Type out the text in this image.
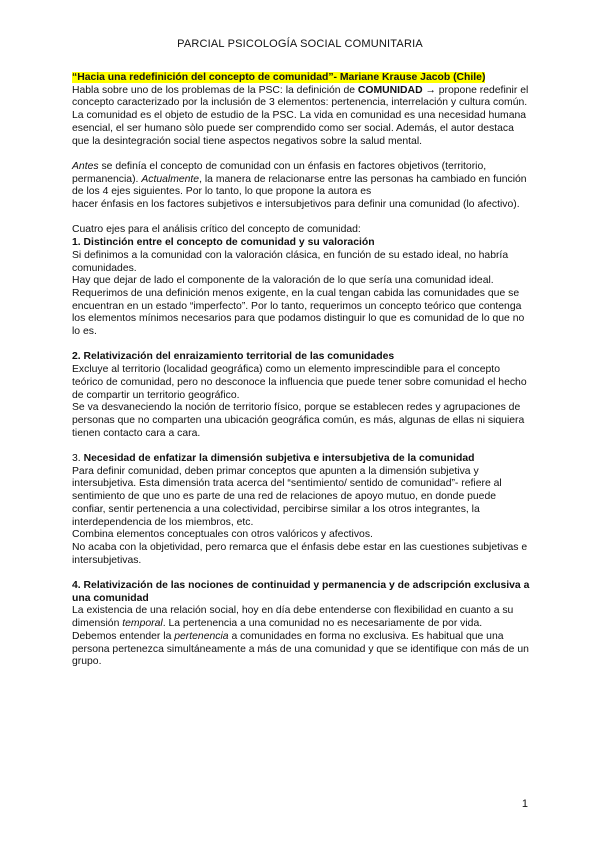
PARCIAL PSICOLOGÍA SOCIAL COMUNITARIA

“Hacia una redefinición del concepto de comunidad”- Mariane Krause Jacob (Chile)

Habla sobre uno de los problemas de la PSC: la definición de COMUNIDAD → propone redefinir el concepto caracterizado por la inclusión de 3 elementos: pertenencia, interrelación y cultura común.

La comunidad es el objeto de estudio de la PSC. La vida en comunidad es una necesidad humana esencial, el ser humano sòlo puede ser comprendido como ser social. Además, el autor destaca que la desintegración social tiene aspectos negativos sobre la salud mental.

Antes se definía el concepto de comunidad con un énfasis en factores objetivos (territorio, permanencia). Actualmente, la manera de relacionarse entre las personas ha cambiado en función de los 4 ejes siguientes. Por lo tanto, lo que propone la autora es

hacer énfasis en los factores subjetivos e intersubjetivos para definir una comunidad (lo afectivo).

Cuatro ejes para el análisis crítico del concepto de comunidad:

1. Distinción entre el concepto de comunidad y su valoración

Si definimos a la comunidad con la valoración clásica, en función de su estado ideal, no habría comunidades.

Hay que dejar de lado el componente de la valoración de lo que sería una comunidad ideal. Requerimos de una definición menos exigente, en la cual tengan cabida las comunidades que se encuentran en un estado “imperfecto”. Por lo tanto, requerimos un concepto teórico que contenga los elementos mínimos necesarios para que podamos distinguir lo que es comunidad de lo que no lo es.

2. Relativización del enraizamiento territorial de las comunidades

Excluye al territorio (localidad geográfica) como un elemento imprescindible para el concepto teórico de comunidad, pero no desconoce la influencia que puede tener sobre comunidad el hecho de compartir un territorio geográfico.

Se va desvaneciendo la noción de territorio físico, porque se establecen redes y agrupaciones de personas que no comparten una ubicación geográfica común, es más, algunas de ellas ni siquiera tienen contacto cara a cara.

3. Necesidad de enfatizar la dimensión subjetiva e intersubjetiva de la comunidad

Para definir comunidad, deben primar conceptos que apunten a la dimensión subjetiva y intersubjetiva. Esta dimensión trata acerca del “sentimiento/ sentido de comunidad”- refiere al sentimiento de que uno es parte de una red de relaciones de apoyo mutuo, en donde puede confiar, sentir pertenencia a una colectividad, percibirse similar a los otros integrantes, la interdependencia de los miembros, etc.

Combina elementos conceptuales con otros valóricos y afectivos.

No acaba con la objetividad, pero remarca que el énfasis debe estar en las cuestiones subjetivas e intersubjetivas.

4. Relativización de las nociones de continuidad y permanencia y de adscripción exclusiva a una comunidad

La existencia de una relación social, hoy en día debe entenderse con flexibilidad en cuanto a su dimensión temporal. La pertenencia a una comunidad no es necesariamente de por vida.

Debemos entender la pertenencia a comunidades en forma no exclusiva. Es habitual que una persona pertenezca simultáneamente a más de una comunidad y que se identifique con más de un grupo.

1
